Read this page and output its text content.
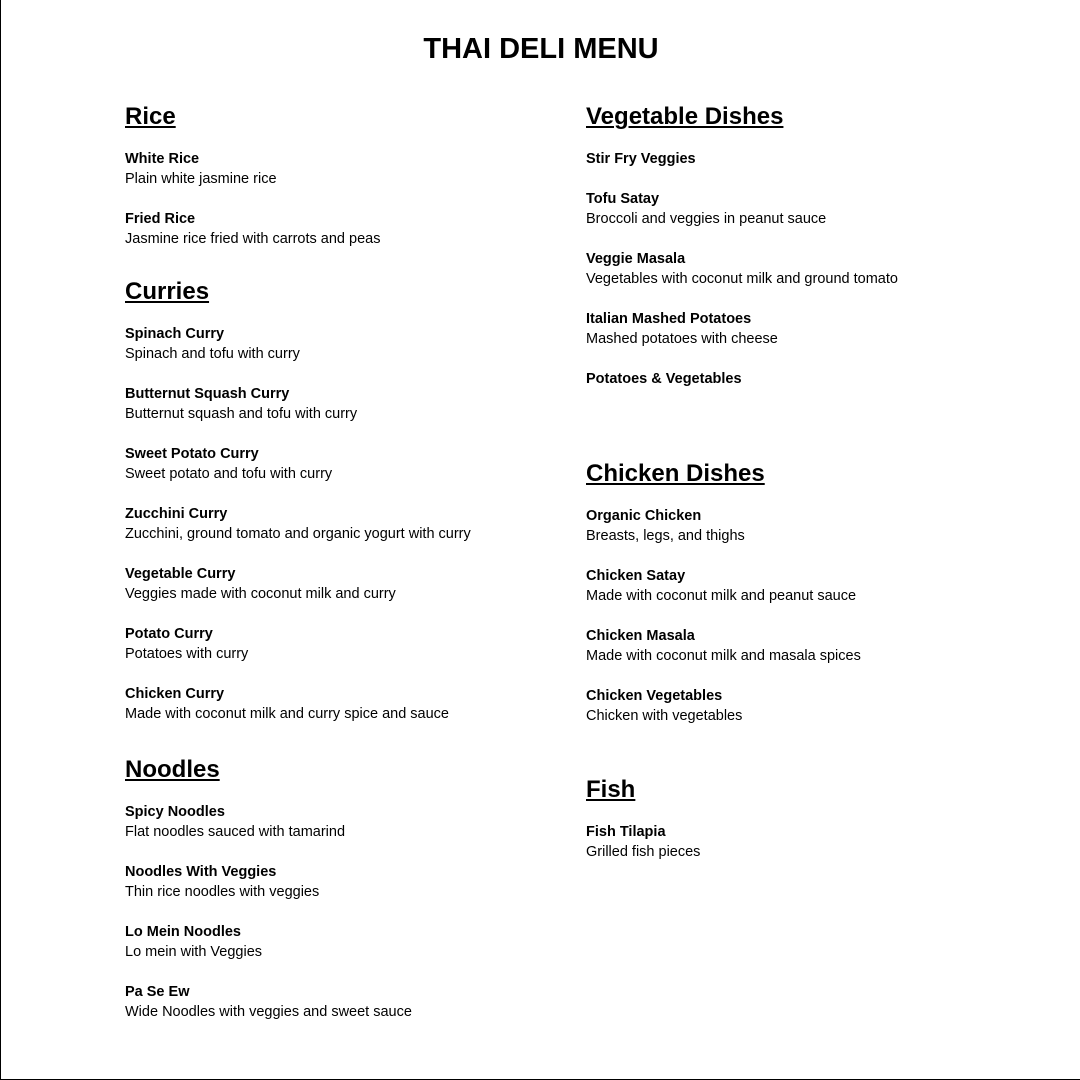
THAI DELI MENU
Rice
White Rice
Plain white jasmine rice
Fried Rice
Jasmine rice fried with carrots and peas
Curries
Spinach Curry
Spinach and tofu with curry
Butternut Squash Curry
Butternut squash and tofu with curry
Sweet Potato Curry
Sweet potato and tofu with curry
Zucchini Curry
Zucchini, ground tomato and organic yogurt with curry
Vegetable Curry
Veggies made with coconut milk and curry
Potato Curry
Potatoes with curry
Chicken Curry
Made with coconut milk and curry spice and sauce
Noodles
Spicy Noodles
Flat noodles sauced with tamarind
Noodles With Veggies
Thin rice noodles with veggies
Lo Mein Noodles
Lo mein with Veggies
Pa Se Ew
Wide Noodles with veggies and sweet sauce
Vegetable Dishes
Stir Fry Veggies
Tofu Satay
Broccoli and veggies in peanut sauce
Veggie Masala
Vegetables with coconut milk and ground tomato
Italian Mashed Potatoes
Mashed potatoes with cheese
Potatoes & Vegetables
Chicken Dishes
Organic Chicken
Breasts, legs, and thighs
Chicken Satay
Made with coconut milk and peanut sauce
Chicken Masala
Made with coconut milk and masala spices
Chicken Vegetables
Chicken with vegetables
Fish
Fish Tilapia
Grilled fish pieces
